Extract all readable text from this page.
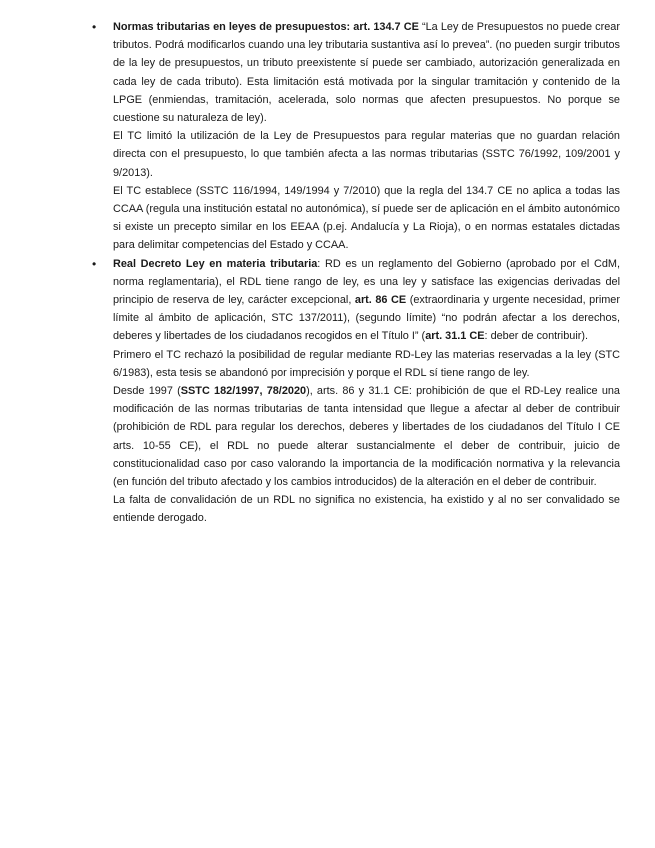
• Normas tributarias en leyes de presupuestos: art. 134.7 CE “La Ley de Presupuestos no puede crear tributos. Podrá modificarlos cuando una ley tributaria sustantiva así lo prevea”. (no pueden surgir tributos de la ley de presupuestos, un tributo preexistente sí puede ser cambiado, autorización generalizada en cada ley de cada tributo). Esta limitación está motivada por la singular tramitación y contenido de la LPGE (enmiendas, tramitación, acelerada, solo normas que afecten presupuestos. No porque se cuestione su naturaleza de ley).

El TC limitó la utilización de la Ley de Presupuestos para regular materias que no guardan relación directa con el presupuesto, lo que también afecta a las normas tributarias (SSTC 76/1992, 109/2001 y 9/2013).

El TC establece (SSTC 116/1994, 149/1994 y 7/2010) que la regla del 134.7 CE no aplica a todas las CCAA (regula una institución estatal no autonómica), sí puede ser de aplicación en el ámbito autonómico si existe un precepto similar en los EEAA (p.ej. Andalucía y La Rioja), o en normas estatales dictadas para delimitar competencias del Estado y CCAA.

• Real Decreto Ley en materia tributaria: RD es un reglamento del Gobierno (aprobado por el CdM, norma reglamentaria), el RDL tiene rango de ley, es una ley y satisface las exigencias derivadas del principio de reserva de ley, carácter excepcional, art. 86 CE (extraordinaria y urgente necesidad, primer límite al ámbito de aplicación, STC 137/2011), (segundo límite) “no podrán afectar a los derechos, deberes y libertades de los ciudadanos recogidos en el Título I” (art. 31.1 CE: deber de contribuir).

Primero el TC rechazó la posibilidad de regular mediante RD-Ley las materias reservadas a la ley (STC 6/1983), esta tesis se abandonó por imprecisión y porque el RDL sí tiene rango de ley.

Desde 1997 (SSTC 182/1997, 78/2020), arts. 86 y 31.1 CE: prohibición de que el RD-Ley realice una modificación de las normas tributarias de tanta intensidad que llegue a afectar al deber de contribuir (prohibición de RDL para regular los derechos, deberes y libertades de los ciudadanos del Título I CE arts. 10-55 CE), el RDL no puede alterar sustancialmente el deber de contribuir, juicio de constitucionalidad caso por caso valorando la importancia de la modificación normativa y la relevancia (en función del tributo afectado y los cambios introducidos) de la alteración en el deber de contribuir.

La falta de convalidación de un RDL no significa no existencia, ha existido y al no ser convalidado se entiende derogado.
